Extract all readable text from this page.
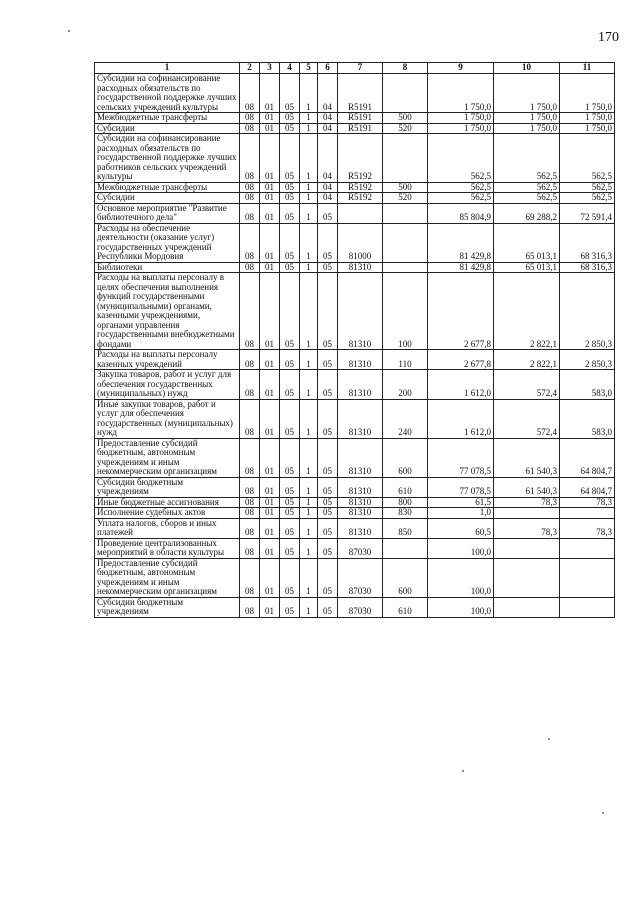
170
1	2	3	4	5	6	7	8	9	10	11
Субсидии на софинансирование расходных обязательств по государственной поддержке лучших сельских учреждений культуры	08	01	05	1	04	R5191		1 750,0	1 750,0	1 750,0
Межбюджетные трансферты	08	01	05	1	04	R5191	500	1 750,0	1 750,0	1 750,0
Субсидии	08	01	05	1	04	R5191	520	1 750,0	1 750,0	1 750,0
Субсидии на софинансирование расходных обязательств по государственной поддержке лучших работников сельских учреждений культуры	08	01	05	1	04	R5192		562,5	562,5	562,5
Межбюджетные трансферты	08	01	05	1	04	R5192	500	562,5	562,5	562,5
Субсидии	08	01	05	1	04	R5192	520	562,5	562,5	562,5
Основное мероприятие "Развитие библиотечного дела"	08	01	05	1	05			85 804,9	69 288,2	72 591,4
Расходы на обеспечение деятельности (оказание услуг) государственных учреждений Республики Мордовия	08	01	05	1	05	81000		81 429,8	65 013,1	68 316,3
Библиотеки	08	01	05	1	05	81310		81 429,8	65 013,1	68 316,3
Расходы на выплаты персоналу в целях обеспечения выполнения функций государственными (муниципальными) органами, казенными учреждениями, органами управления государственными внебюджетными фондами	08	01	05	1	05	81310	100	2 677,8	2 822,1	2 850,3
Расходы на выплаты персоналу казенных учреждений	08	01	05	1	05	81310	110	2 677,8	2 822,1	2 850,3
Закупка товаров, работ и услуг для обеспечения государственных (муниципальных) нужд	08	01	05	1	05	81310	200	1 612,0	572,4	583,0
Иные закупки товаров, работ и услуг для обеспечения государственных (муниципальных) нужд	08	01	05	1	05	81310	240	1 612,0	572,4	583,0
Предоставление субсидий бюджетным, автономным учреждениям и иным некоммерческим организациям	08	01	05	1	05	81310	600	77 078,5	61 540,3	64 804,7
Субсидии бюджетным учреждениям	08	01	05	1	05	81310	610	77 078,5	61 540,3	64 804,7
Иные бюджетные ассигнования	08	01	05	1	05	81310	800	61,5	78,3	78,3
Исполнение судебных актов	08	01	05	1	05	81310	830	1,0		
Уплата налогов, сборов и иных платежей	08	01	05	1	05	81310	850	60,5	78,3	78,3
Проведение централизованных мероприятий в области культуры	08	01	05	1	05	87030		100,0		
Предоставление субсидий бюджетным, автономным учреждениям и иным некоммерческим организациям	08	01	05	1	05	87030	600	100,0		
Субсидии бюджетным учреждениям	08	01	05	1	05	87030	610	100,0		
